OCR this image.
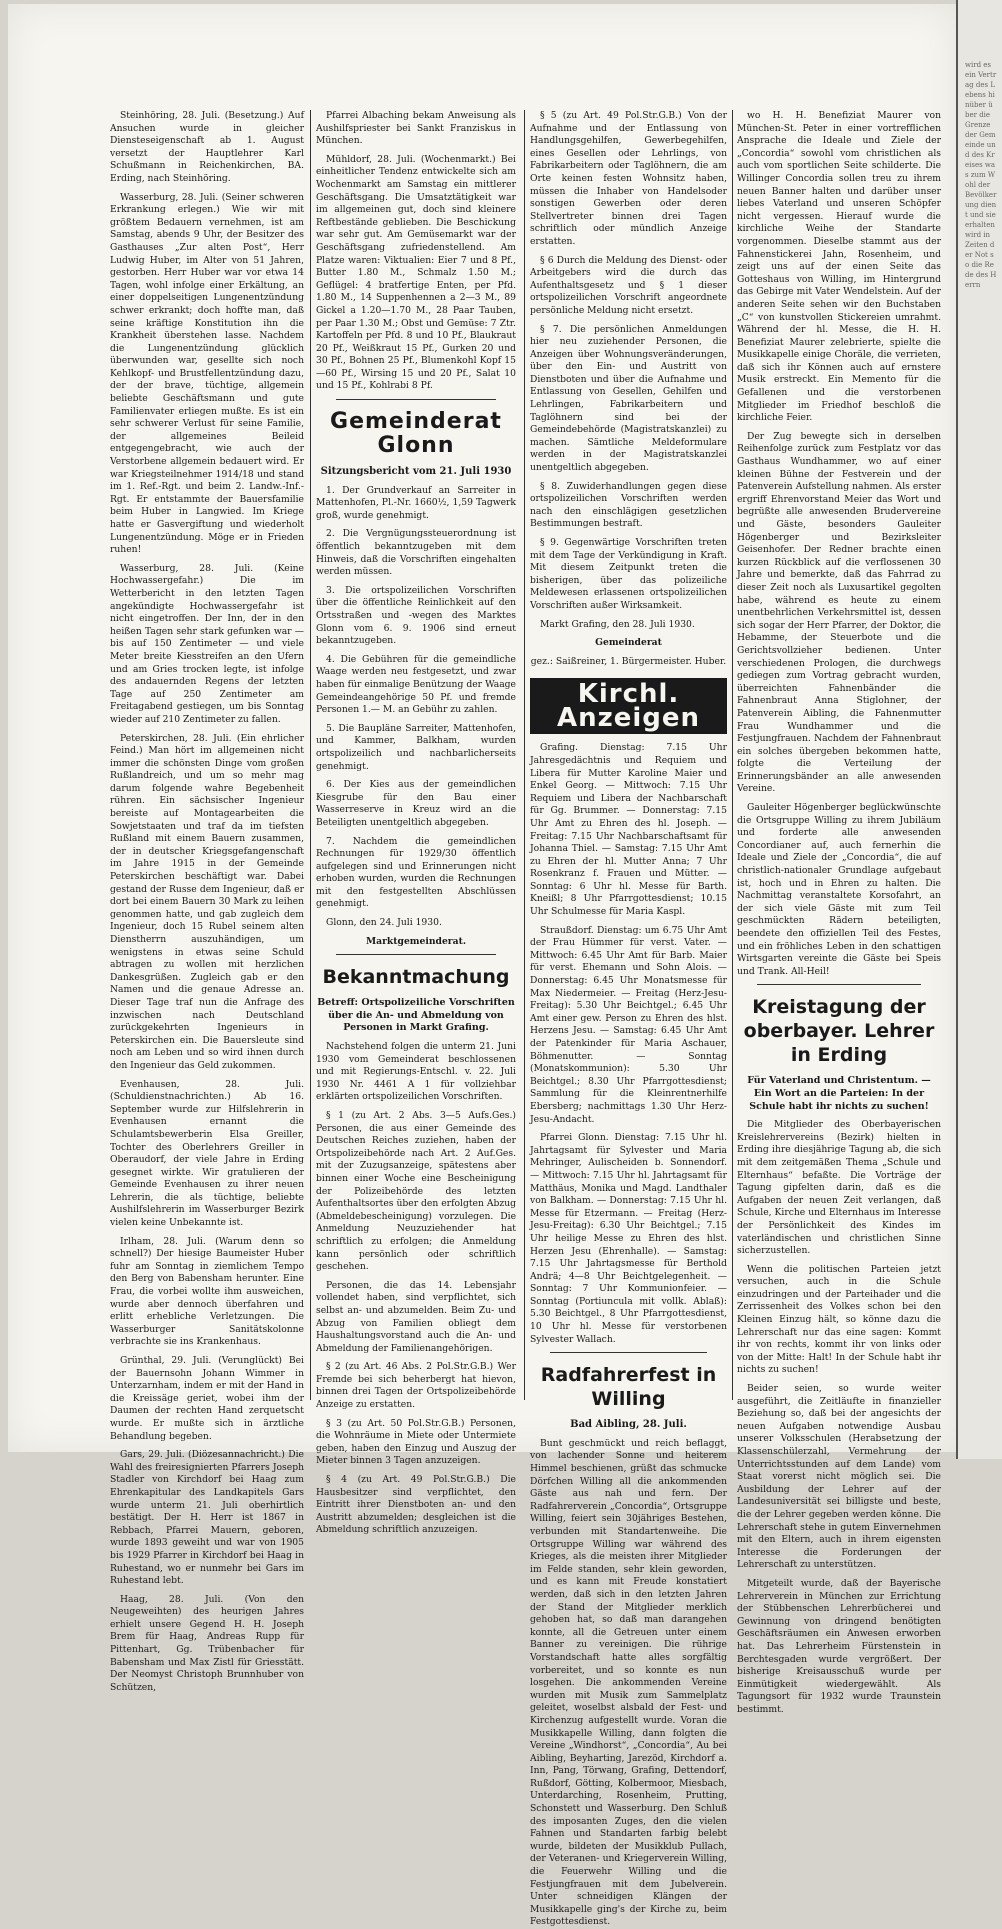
wird es ein Vertrag des Lebens hinüber über die Grenze der Gemeinde und des Kreises was zum Wohl der Bevölkerung dient und sie erhalten wird in Zeiten der Not so die Rede des Herrn

Steinhöring, 28. Juli. (Besetzung.) Auf Ansuchen wurde in gleicher Diensteseigenschaft ab 1. August versetzt der Hauptlehrer Karl Schußmann in Reichenkirchen, BA. Erding, nach Steinhöring.

Wasserburg, 28. Juli. (Seiner schweren Erkrankung erlegen.) Wie wir mit größtem Bedauern vernehmen, ist am Samstag, abends 9 Uhr, der Besitzer des Gasthauses „Zur alten Post“, Herr Ludwig Huber, im Alter von 51 Jahren, gestorben. Herr Huber war vor etwa 14 Tagen, wohl infolge einer Erkältung, an einer doppelseitigen Lungenentzündung schwer erkrankt; doch hoffte man, daß seine kräftige Konstitution ihn die Krankheit überstehen lasse. Nachdem die Lungenentzündung glücklich überwunden war, gesellte sich noch Kehlkopf- und Brustfellentzündung dazu, der der brave, tüchtige, allgemein beliebte Geschäftsmann und gute Familienvater erliegen mußte. Es ist ein sehr schwerer Verlust für seine Familie, der allgemeines Beileid entgegengebracht, wie auch der Verstorbene allgemein bedauert wird. Er war Kriegsteilnehmer 1914/18 und stand im 1. Ref.-Rgt. und beim 2. Landw.-Inf.-Rgt. Er entstammte der Bauersfamilie beim Huber in Langwied. Im Kriege hatte er Gasvergiftung und wiederholt Lungenentzündung. Möge er in Frieden ruhen!

Wasserburg, 28. Juli. (Keine Hochwassergefahr.) Die im Wetterbericht in den letzten Tagen angekündigte Hochwassergefahr ist nicht eingetroffen. Der Inn, der in den heißen Tagen sehr stark gefunken war — bis auf 150 Zentimeter — und viele Meter breite Kiesstreifen an den Ufern und am Gries trocken legte, ist infolge des andauernden Regens der letzten Tage auf 250 Zentimeter am Freitagabend gestiegen, um bis Sonntag wieder auf 210 Zentimeter zu fallen.

Peterskirchen, 28. Juli. (Ein ehrlicher Feind.) Man hört im allgemeinen nicht immer die schönsten Dinge vom großen Rußlandreich, und um so mehr mag darum folgende wahre Begebenheit rühren. Ein sächsischer Ingenieur bereiste auf Montagearbeiten die Sowjetstaaten und traf da im tiefsten Rußland mit einem Bauern zusammen, der in deutscher Kriegsgefangenschaft im Jahre 1915 in der Gemeinde Peterskirchen beschäftigt war. Dabei gestand der Russe dem Ingenieur, daß er dort bei einem Bauern 30 Mark zu leihen genommen hatte, und gab zugleich dem Ingenieur, doch 15 Rubel seinem alten Dienstherrn auszuhändigen, um wenigstens in etwas seine Schuld abtragen zu wollen mit herzlichen Dankesgrüßen. Zugleich gab er den Namen und die genaue Adresse an. Dieser Tage traf nun die Anfrage des inzwischen nach Deutschland zurückgekehrten Ingenieurs in Peterskirchen ein. Die Bauersleute sind noch am Leben und so wird ihnen durch den Ingenieur das Geld zukommen.

Evenhausen, 28. Juli. (Schuldienstnachrichten.) Ab 16. September wurde zur Hilfslehrerin in Evenhausen ernannt die Schulamtsbewerberin Elsa Greiller, Tochter des Oberlehrers Greiller in Oberaudorf, der viele Jahre in Erding gesegnet wirkte. Wir gratulieren der Gemeinde Evenhausen zu ihrer neuen Lehrerin, die als tüchtige, beliebte Aushilfslehrerin im Wasserburger Bezirk vielen keine Unbekannte ist.

Irlham, 28. Juli. (Warum denn so schnell?) Der hiesige Baumeister Huber fuhr am Sonntag in ziemlichem Tempo den Berg von Babensham herunter. Eine Frau, die vorbei wollte ihm ausweichen, wurde aber dennoch überfahren und erlitt erhebliche Verletzungen. Die Wasserburger Sanitätskolonne verbrachte sie ins Krankenhaus.

Grünthal, 29. Juli. (Verunglückt) Bei der Bauernsohn Johann Wimmer in Unterzarnham, indem er mit der Hand in die Kreissäge geriet, wobei ihm der Daumen der rechten Hand zerquetscht wurde. Er mußte sich in ärztliche Behandlung begeben.

Gars, 29. Juli. (Diözesannachricht.) Die Wahl des freiresignierten Pfarrers Joseph Stadler von Kirchdorf bei Haag zum Ehrenkapitular des Landkapitels Gars wurde unterm 21. Juli oberhirtlich bestätigt. Der H. Herr ist 1867 in Rebbach, Pfarrei Mauern, geboren, wurde 1893 geweiht und war von 1905 bis 1929 Pfarrer in Kirchdorf bei Haag in Ruhestand, wo er nunmehr bei Gars im Ruhestand lebt.

Haag, 28. Juli. (Von den Neugeweihten) des heurigen Jahres erhielt unsere Gegend H. H. Joseph Brem für Haag, Andreas Rupp für Pittenhart, Gg. Trübenbacher für Babensham und Max Zistl für Griesstätt. Der Neomyst Christoph Brunnhuber von Schützen,

Pfarrei Albaching bekam Anweisung als Aushilfspriester bei Sankt Franziskus in München.

Mühldorf, 28. Juli. (Wochenmarkt.) Bei einheitlicher Tendenz entwickelte sich am Wochenmarkt am Samstag ein mittlerer Geschäftsgang. Die Umsatztätigkeit war im allgemeinen gut, doch sind kleinere Reftbestände geblieben. Die Beschickung war sehr gut. Am Gemüsemarkt war der Geschäftsgang zufriedenstellend. Am Platze waren: Viktualien: Eier 7 und 8 Pf., Butter 1.80 M., Schmalz 1.50 M.; Geflügel: 4 bratfertige Enten, per Pfd. 1.80 M., 14 Suppenhennen a 2—3 M., 89 Gickel a 1.20—1.70 M., 28 Paar Tauben, per Paar 1.30 M.; Obst und Gemüse: 7 Ztr. Kartoffeln per Pfd. 8 und 10 Pf., Blaukraut 20 Pf., Weißkraut 15 Pf., Gurken 20 und 30 Pf., Bohnen 25 Pf., Blumenkohl Kopf 15—60 Pf., Wirsing 15 und 20 Pf., Salat 10 und 15 Pf., Kohlrabi 8 Pf.

Gemeinderat Glonn
Sitzungsbericht vom 21. Juli 1930

1. Der Grundverkauf an Sarreiter in Mattenhofen, Pl.-Nr. 1660½, 1,59 Tagwerk groß, wurde genehmigt.

2. Die Vergnügungssteuerordnung ist öffentlich bekanntzugeben mit dem Hinweis, daß die Vorschriften eingehalten werden müssen.

3. Die ortspolizeilichen Vorschriften über die öffentliche Reinlichkeit auf den Ortsstraßen und -wegen des Marktes Glonn vom 6. 9. 1906 sind erneut bekanntzugeben.

4. Die Gebühren für die gemeindliche Waage werden neu festgesetzt, und zwar haben für einmalige Benützung der Waage Gemeindeangehörige 50 Pf. und fremde Personen 1.— M. an Gebühr zu zahlen.

5. Die Baupläne Sarreiter, Mattenhofen, und Kammer, Balkham, wurden ortspolizeilich und nachbarlicherseits genehmigt.

6. Der Kies aus der gemeindlichen Kiesgrube für den Bau einer Wasserreserve in Kreuz wird an die Beteiligten unentgeltlich abgegeben.

7. Nachdem die gemeindlichen Rechnungen für 1929/30 öffentlich aufgelegen sind und Erinnerungen nicht erhoben wurden, wurden die Rechnungen mit den festgestellten Abschlüssen genehmigt.

Glonn, den 24. Juli 1930.

Marktgemeinderat.
Bekanntmachung
Betreff: Ortspolizeiliche Vorschriften über die An- und Abmeldung von Personen in Markt Grafing.

Nachstehend folgen die unterm 21. Juni 1930 vom Gemeinderat beschlossenen und mit Regierungs-Entschl. v. 22. Juli 1930 Nr. 4461 A 1 für vollziehbar erklärten ortspolizeilichen Vorschriften.

§ 1 (zu Art. 2 Abs. 3—5 Aufs.Ges.) Personen, die aus einer Gemeinde des Deutschen Reiches zuziehen, haben der Ortspolizeibehörde nach Art. 2 Auf.Ges. mit der Zuzugsanzeige, spätestens aber binnen einer Woche eine Bescheinigung der Polizeibehörde des letzten Aufenthaltsortes über den erfolgten Abzug (Abmeldebescheinigung) vorzulegen. Die Anmeldung Neuzuziehender hat schriftlich zu erfolgen; die Anmeldung kann persönlich oder schriftlich geschehen.

Personen, die das 14. Lebensjahr vollendet haben, sind verpflichtet, sich selbst an- und abzumelden. Beim Zu- und Abzug von Familien obliegt dem Haushaltungsvorstand auch die An- und Abmeldung der Familienangehörigen.

§ 2 (zu Art. 46 Abs. 2 Pol.Str.G.B.) Wer Fremde bei sich beherbergt hat hievon, binnen drei Tagen der Ortspolizeibehörde Anzeige zu erstatten.

§ 3 (zu Art. 50 Pol.Str.G.B.) Personen, die Wohnräume in Miete oder Untermiete geben, haben den Einzug und Auszug der Mieter binnen 3 Tagen anzuzeigen.

§ 4 (zu Art. 49 Pol.Str.G.B.) Die Hausbesitzer sind verpflichtet, den Eintritt ihrer Dienstboten an- und den Austritt abzumelden; desgleichen ist die Abmeldung schriftlich anzuzeigen.

§ 5 (zu Art. 49 Pol.Str.G.B.) Von der Aufnahme und der Entlassung von Handlungsgehilfen, Gewerbegehilfen, eines Gesellen oder Lehrlings, von Fabrikarbeitern oder Taglöhnern, die am Orte keinen festen Wohnsitz haben, müssen die Inhaber von Handelsoder sonstigen Gewerben oder deren Stellvertreter binnen drei Tagen schriftlich oder mündlich Anzeige erstatten.

§ 6 Durch die Meldung des Dienst- oder Arbeitgebers wird die durch das Aufenthaltsgesetz und § 1 dieser ortspolizeilichen Vorschrift angeordnete persönliche Meldung nicht ersetzt.

§ 7. Die persönlichen Anmeldungen hier neu zuziehender Personen, die Anzeigen über Wohnungsveränderungen, über den Ein- und Austritt von Dienstboten und über die Aufnahme und Entlassung von Gesellen, Gehilfen und Lehrlingen, Fabrikarbeitern und Taglöhnern sind bei der Gemeindebehörde (Magistratskanzlei) zu machen. Sämtliche Meldeformulare werden in der Magistratskanzlei unentgeltlich abgegeben.

§ 8. Zuwiderhandlungen gegen diese ortspolizeilichen Vorschriften werden nach den einschlägigen gesetzlichen Bestimmungen bestraft.

§ 9. Gegenwärtige Vorschriften treten mit dem Tage der Verkündigung in Kraft. Mit diesem Zeitpunkt treten die bisherigen, über das polizeiliche Meldewesen erlassenen ortspolizeilichen Vorschriften außer Wirksamkeit.

Markt Grafing, den 28. Juli 1930.

Gemeinderat
gez.: Saißreiner, 1. Bürgermeister. Huber.
Kirchl. Anzeigen

Grafing. Dienstag: 7.15 Uhr Jahresgedächtnis und Requiem und Libera für Mutter Karoline Maier und Enkel Georg. — Mittwoch: 7.15 Uhr Requiem und Libera der Nachbarschaft für Gg. Brummer. — Donnerstag: 7.15 Uhr Amt zu Ehren des hl. Joseph. — Freitag: 7.15 Uhr Nachbarschaftsamt für Johanna Thiel. — Samstag: 7.15 Uhr Amt zu Ehren der hl. Mutter Anna; 7 Uhr Rosenkranz f. Frauen und Mütter. — Sonntag: 6 Uhr hl. Messe für Barth. Kneißl; 8 Uhr Pfarrgottesdienst; 10.15 Uhr Schulmesse für Maria Kaspl.

Straußdorf. Dienstag: um 6.75 Uhr Amt der Frau Hümmer für verst. Vater. — Mittwoch: 6.45 Uhr Amt für Barb. Maier für verst. Ehemann und Sohn Alois. — Donnerstag: 6.45 Uhr Monatsmesse für Max Niedermeier. — Freitag (Herz-Jesu-Freitag): 5.30 Uhr Beichtgel.; 6.45 Uhr Amt einer gew. Person zu Ehren des hlst. Herzens Jesu. — Samstag: 6.45 Uhr Amt der Patenkinder für Maria Aschauer, Böhmenutter. — Sonntag (Monatskommunion): 5.30 Uhr Beichtgel.; 8.30 Uhr Pfarrgottesdienst; Sammlung für die Kleinrentnerhilfe Ebersberg; nachmittags 1.30 Uhr Herz-Jesu-Andacht.

Pfarrei Glonn. Dienstag: 7.15 Uhr hl. Jahrtagsamt für Sylvester und Maria Mehringer, Aulischeiden b. Sonnendorf. — Mittwoch: 7.15 Uhr hl. Jahrtagsamt für Matthäus, Monika und Magd. Landthaler von Balkham. — Donnerstag: 7.15 Uhr hl. Messe für Etzermann. — Freitag (Herz-Jesu-Freitag): 6.30 Uhr Beichtgel.; 7.15 Uhr heilige Messe zu Ehren des hlst. Herzen Jesu (Ehrenhalle). — Samstag: 7.15 Uhr Jahrtagsmesse für Berthold Andrä; 4—8 Uhr Beichtgelegenheit. — Sonntag: 7 Uhr Kommunionfeier. — Sonntag (Portiuncula mit vollk. Ablaß): 5.30 Beichtgel., 8 Uhr Pfarrgottesdienst, 10 Uhr hl. Messe für verstorbenen Sylvester Wallach.

Radfahrerfest in Willing
Bad Aibling, 28. Juli.

Bunt geschmückt und reich beflaggt, von lachender Sonne und heiterem Himmel beschienen, grüßt das schmucke Dörfchen Willing all die ankommenden Gäste aus nah und fern. Der Radfahrerverein „Concordia“, Ortsgruppe Willing, feiert sein 30jähriges Bestehen, verbunden mit Standartenweihe. Die Ortsgruppe Willing war während des Krieges, als die meisten ihrer Mitglieder im Felde standen, sehr klein geworden, und es kann mit Freude konstatiert werden, daß sich in den letzten Jahren der Stand der Mitglieder merklich gehoben hat, so daß man darangehen konnte, all die Getreuen unter einem Banner zu vereinigen. Die rührige Vorstandschaft hatte alles sorgfältig vorbereitet, und so konnte es nun losgehen. Die ankommenden Vereine wurden mit Musik zum Sammelplatz geleitet, woselbst alsbald der Fest- und Kirchenzug aufgestellt wurde. Voran die Musikkapelle Willing, dann folgten die Vereine „Windhorst“, „Concordia“, Au bei Aibling, Beyharting, Jarezöd, Kirchdorf a. Inn, Pang, Törwang, Grafing, Dettendorf, Rußdorf, Götting, Kolbermoor, Miesbach, Unterdarching, Rosenheim, Prutting, Schonstett und Wasserburg. Den Schluß des imposanten Zuges, den die vielen Fahnen und Standarten farbig belebt wurde, bildeten der Musikklub Pullach, der Veteranen- und Kriegerverein Willing, die Feuerwehr Willing und die Festjungfrauen mit dem Jubelverein. Unter schneidigen Klängen der Musikkapelle ging's der Kirche zu, beim Festgottesdienst.

wo H. H. Benefiziat Maurer von München-St. Peter in einer vortrefflichen Ansprache die Ideale und Ziele der „Concordia“ sowohl vom christlichen als auch vom sportlichen Seite schilderte. Die Willinger Concordia sollen treu zu ihrem neuen Banner halten und darüber unser liebes Vaterland und unseren Schöpfer nicht vergessen. Hierauf wurde die kirchliche Weihe der Standarte vorgenommen. Dieselbe stammt aus der Fahnenstickerei Jahn, Rosenheim, und zeigt uns auf der einen Seite das Gotteshaus von Willing, im Hintergrund das Gebirge mit Vater Wendelstein. Auf der anderen Seite sehen wir den Buchstaben „C“ von kunstvollen Stickereien umrahmt. Während der hl. Messe, die H. H. Benefiziat Maurer zelebrierte, spielte die Musikkapelle einige Choräle, die verrieten, daß sich ihr Können auch auf ernstere Musik erstreckt. Ein Memento für die Gefallenen und die verstorbenen Mitglieder im Friedhof beschloß die kirchliche Feier.

Der Zug bewegte sich in derselben Reihenfolge zurück zum Festplatz vor das Gasthaus Wundhammer, wo auf einer kleinen Bühne der Festverein und der Patenverein Aufstellung nahmen. Als erster ergriff Ehrenvorstand Meier das Wort und begrüßte alle anwesenden Brudervereine und Gäste, besonders Gauleiter Högenberger und Bezirksleiter Geisenhofer. Der Redner brachte einen kurzen Rückblick auf die verflossenen 30 Jahre und bemerkte, daß das Fahrrad zu dieser Zeit noch als Luxusartikel gegolten habe, während es heute zu einem unentbehrlichen Verkehrsmittel ist, dessen sich sogar der Herr Pfarrer, der Doktor, die Hebamme, der Steuerbote und die Gerichtsvollzieher bedienen. Unter verschiedenen Prologen, die durchwegs gediegen zum Vortrag gebracht wurden, überreichten Fahnenbänder die Fahnenbraut Anna Stiglohner, der Patenverein Aibling, die Fahnenmutter Frau Wundhammer und die Festjungfrauen. Nachdem der Fahnenbraut ein solches übergeben bekommen hatte, folgte die Verteilung der Erinnerungsbänder an alle anwesenden Vereine.

Gauleiter Högenberger beglückwünschte die Ortsgruppe Willing zu ihrem Jubiläum und forderte alle anwesenden Concordianer auf, auch fernerhin die Ideale und Ziele der „Concordia“, die auf christlich-nationaler Grundlage aufgebaut ist, hoch und in Ehren zu halten. Die Nachmittag veranstaltete Korsofahrt, an der sich viele Gäste mit zum Teil geschmückten Rädern beteiligten, beendete den offiziellen Teil des Festes, und ein fröhliches Leben in den schattigen Wirtsgarten vereinte die Gäste bei Speis und Trank. All-Heil!

Kreistagung der oberbayer. Lehrer in Erding
Für Vaterland und Christentum. — Ein Wort an die Parteien: In der Schule habt ihr nichts zu suchen!

Die Mitglieder des Oberbayerischen Kreislehrervereins (Bezirk) hielten in Erding ihre diesjährige Tagung ab, die sich mit dem zeitgemäßen Thema „Schule und Elternhaus“ befaßte. Die Vorträge der Tagung gipfelten darin, daß es die Aufgaben der neuen Zeit verlangen, daß Schule, Kirche und Elternhaus im Interesse der Persönlichkeit des Kindes im vaterländischen und christlichen Sinne sicherzustellen.

Wenn die politischen Parteien jetzt versuchen, auch in die Schule einzudringen und der Parteihader und die Zerrissenheit des Volkes schon bei den Kleinen Einzug hält, so könne dazu die Lehrerschaft nur das eine sagen: Kommt ihr von rechts, kommt ihr von links oder von der Mitte: Halt! In der Schule habt ihr nichts zu suchen!

Beider seien, so wurde weiter ausgeführt, die Zeitläufte in finanzieller Beziehung so, daß bei der angesichts der neuen Aufgaben notwendige Ausbau unserer Volksschulen (Herabsetzung der Klassenschülerzahl, Vermehrung der Unterrichtsstunden auf dem Lande) vom Staat vorerst nicht möglich sei. Die Ausbildung der Lehrer auf der Landesuniversität sei billigste und beste, die der Lehrer gegeben werden könne. Die Lehrerschaft stehe in gutem Einvernehmen mit den Eltern, auch in ihrem eigensten Interesse die Forderungen der Lehrerschaft zu unterstützen.

Mitgeteilt wurde, daß der Bayerische Lehrerverein in München zur Errichtung der Stübbenschen Lehrerbücherei und Gewinnung von dringend benötigten Geschäftsräumen ein Anwesen erworben hat. Das Lehrerheim Fürstenstein in Berchtesgaden wurde vergrößert. Der bisherige Kreisausschuß wurde per Einmütigkeit wiedergewählt. Als Tagungsort für 1932 wurde Traunstein bestimmt.
